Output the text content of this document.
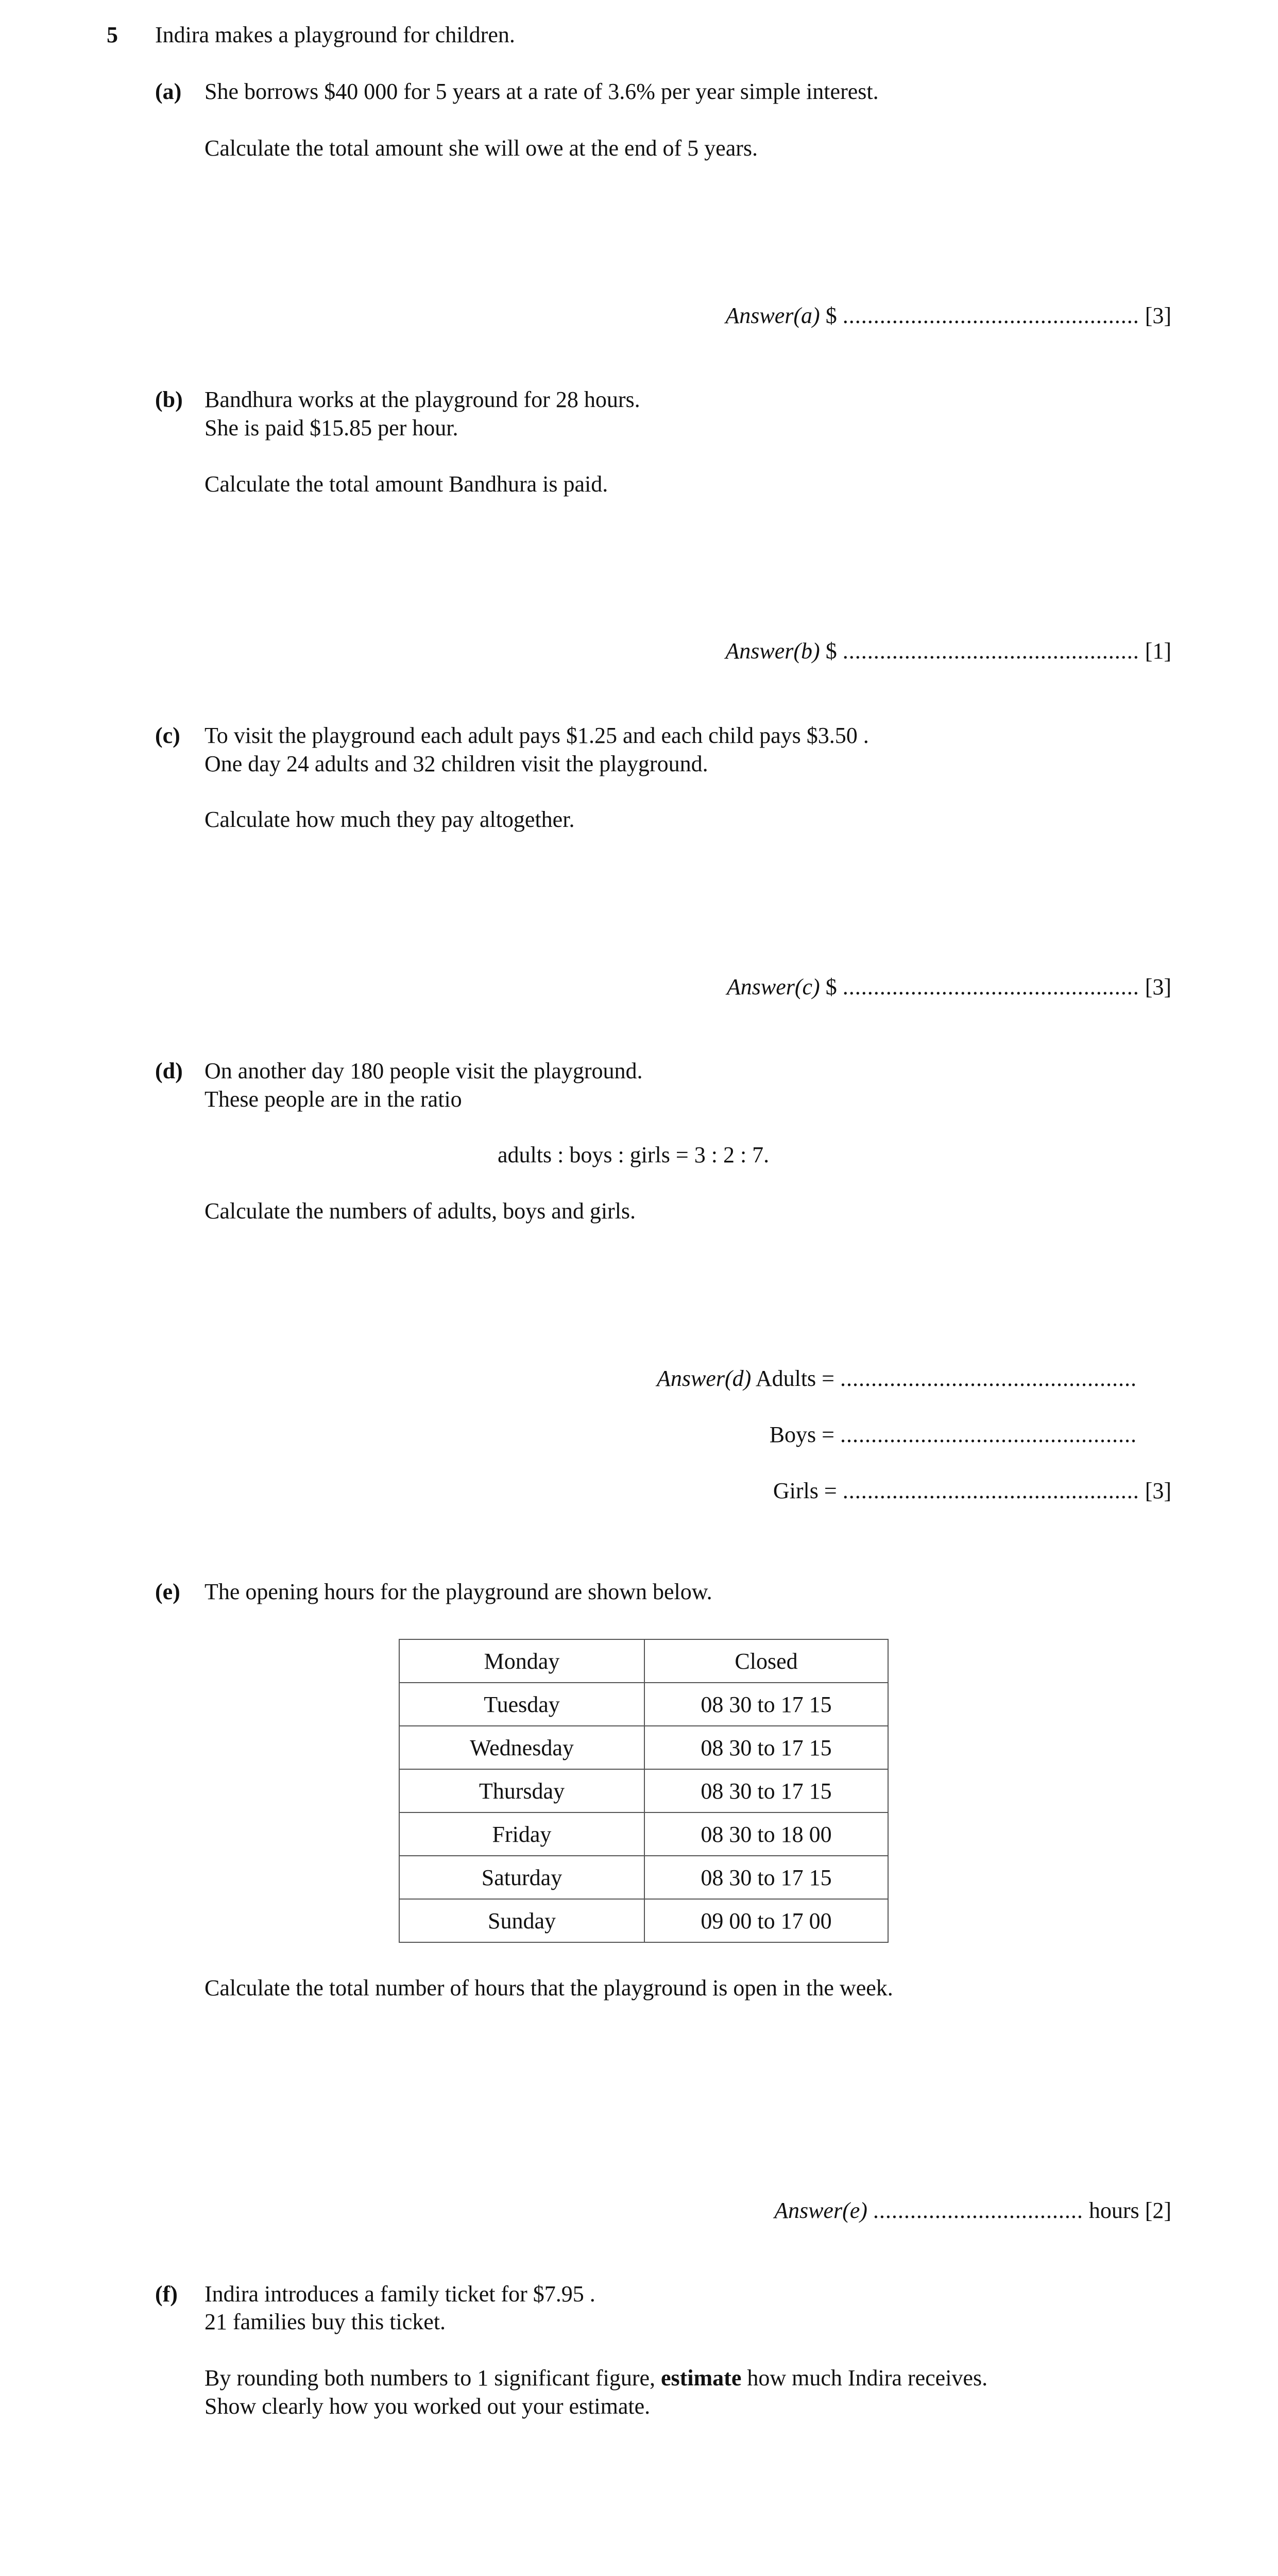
5 Indira makes a playground for children.
(a) She borrows $40 000 for 5 years at a rate of 3.6% per year simple interest.
Calculate the total amount she will owe at the end of 5 years.
Answer(a) $ ................................................ [3]
(b) Bandhura works at the playground for 28 hours.
She is paid $15.85 per hour.
Calculate the total amount Bandhura is paid.
Answer(b) $ ................................................ [1]
(c) To visit the playground each adult pays $1.25 and each child pays $3.50 .
One day 24 adults and 32 children visit the playground.
Calculate how much they pay altogether.
Answer(c) $ ................................................ [3]
(d) On another day 180 people visit the playground.
These people are in the ratio
adults : boys : girls = 3 : 2 : 7.
Calculate the numbers of adults, boys and girls.
Answer(d) Adults = ................................................
Boys = ................................................
Girls = ................................................ [3]
(e) The opening hours for the playground are shown below.
Monday	Closed
Tuesday	08 30 to 17 15
Wednesday	08 30 to 17 15
Thursday	08 30 to 17 15
Friday	08 30 to 18 00
Saturday	08 30 to 17 15
Sunday	09 00 to 17 00
Calculate the total number of hours that the playground is open in the week.
Answer(e) .................................. hours [2]
(f) Indira introduces a family ticket for $7.95 .
21 families buy this ticket.
By rounding both numbers to 1 significant figure, estimate how much Indira receives.
Show clearly how you worked out your estimate.
